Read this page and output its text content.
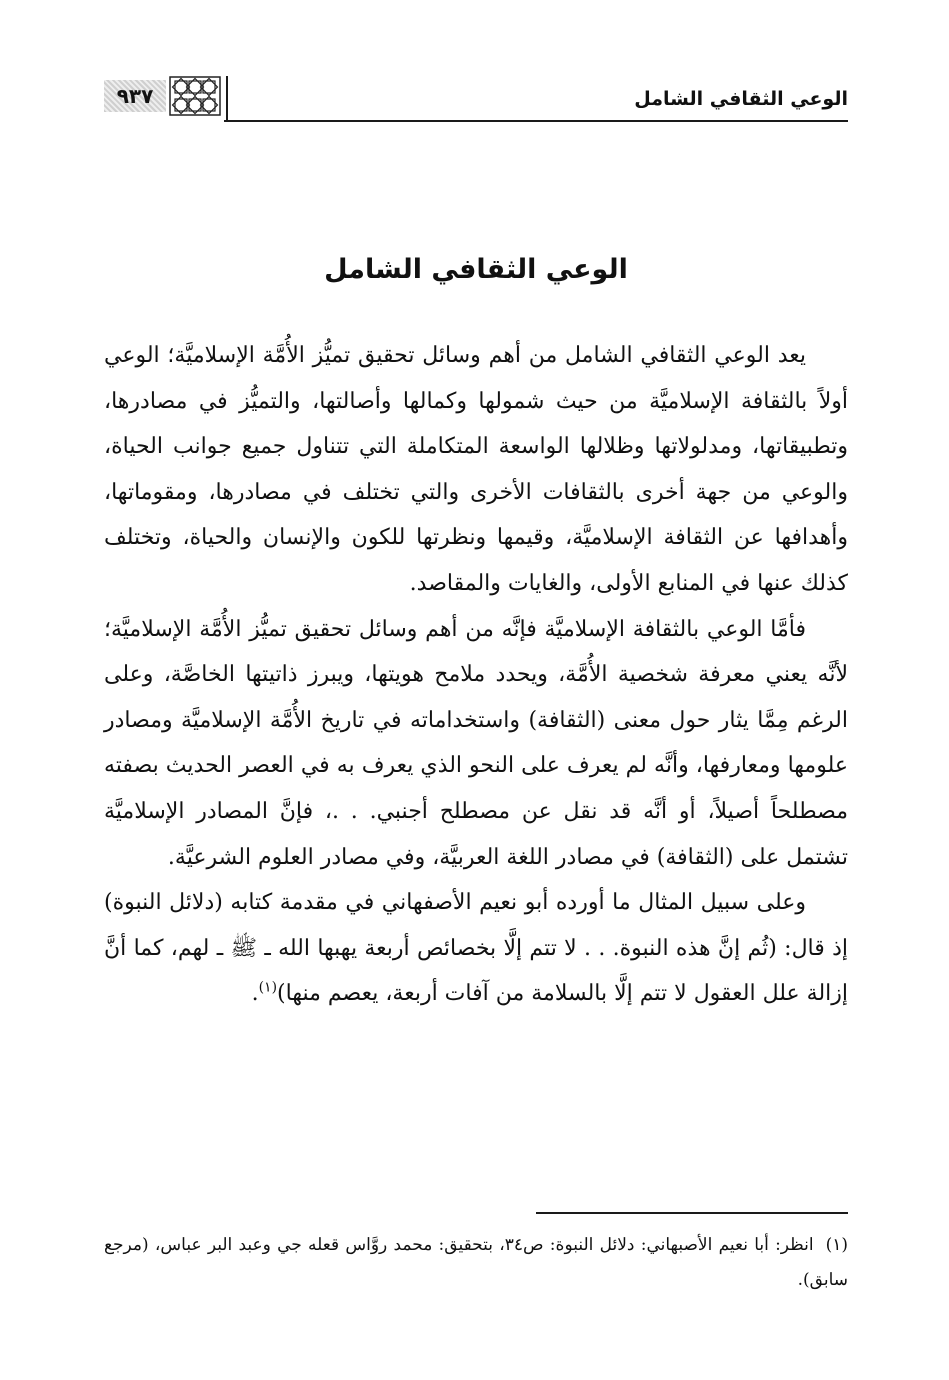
الوعي الثقافي الشامل
٩٣٧
الوعي الثقافي الشامل

يعد الوعي الثقافي الشامل من أهم وسائل تحقيق تميُّز الأُمَّة الإسلاميَّة؛ الوعي أولاً بالثقافة الإسلاميَّة من حيث شمولها وكمالها وأصالتها، والتميُّز في مصادرها، وتطبيقاتها، ومدلولاتها وظلالها الواسعة المتكاملة التي تتناول جميع جوانب الحياة، والوعي من جهة أخرى بالثقافات الأخرى والتي تختلف في مصادرها، ومقوماتها، وأهدافها عن الثقافة الإسلاميَّة، وقيمها ونظرتها للكون والإنسان والحياة، وتختلف كذلك عنها في المنابع الأولى، والغايات والمقاصد.

فأمَّا الوعي بالثقافة الإسلاميَّة فإنَّه من أهم وسائل تحقيق تميُّز الأُمَّة الإسلاميَّة؛ لأنَّه يعني معرفة شخصية الأُمَّة، ويحدد ملامح هويتها، ويبرز ذاتيتها الخاصَّة، وعلى الرغم مِمَّا يثار حول معنى (الثقافة) واستخداماته في تاريخ الأُمَّة الإسلاميَّة ومصادر علومها ومعارفها، وأنَّه لم يعرف على النحو الذي يعرف به في العصر الحديث بصفته مصطلحاً أصيلاً، أو أنَّه قد نقل عن مصطلح أجنبي. . .، فإنَّ المصادر الإسلاميَّة تشتمل على (الثقافة) في مصادر اللغة العربيَّة، وفي مصادر العلوم الشرعيَّة.

وعلى سبيل المثال ما أورده أبو نعيم الأصفهاني في مقدمة كتابه (دلائل النبوة) إذ قال: (ثُم إنَّ هذه النبوة. . . لا تتم إلَّا بخصائص أربعة يهبها الله ـ ﷺ ـ لهم، كما أنَّ إزالة علل العقول لا تتم إلَّا بالسلامة من آفات أربعة، يعصم منها)$^{(١)}$.

(١)انظر: أبا نعيم الأصبهاني: دلائل النبوة: ص٣٤، بتحقيق: محمد روَّاس قعله جي وعبد البر عباس، (مرجع سابق).
